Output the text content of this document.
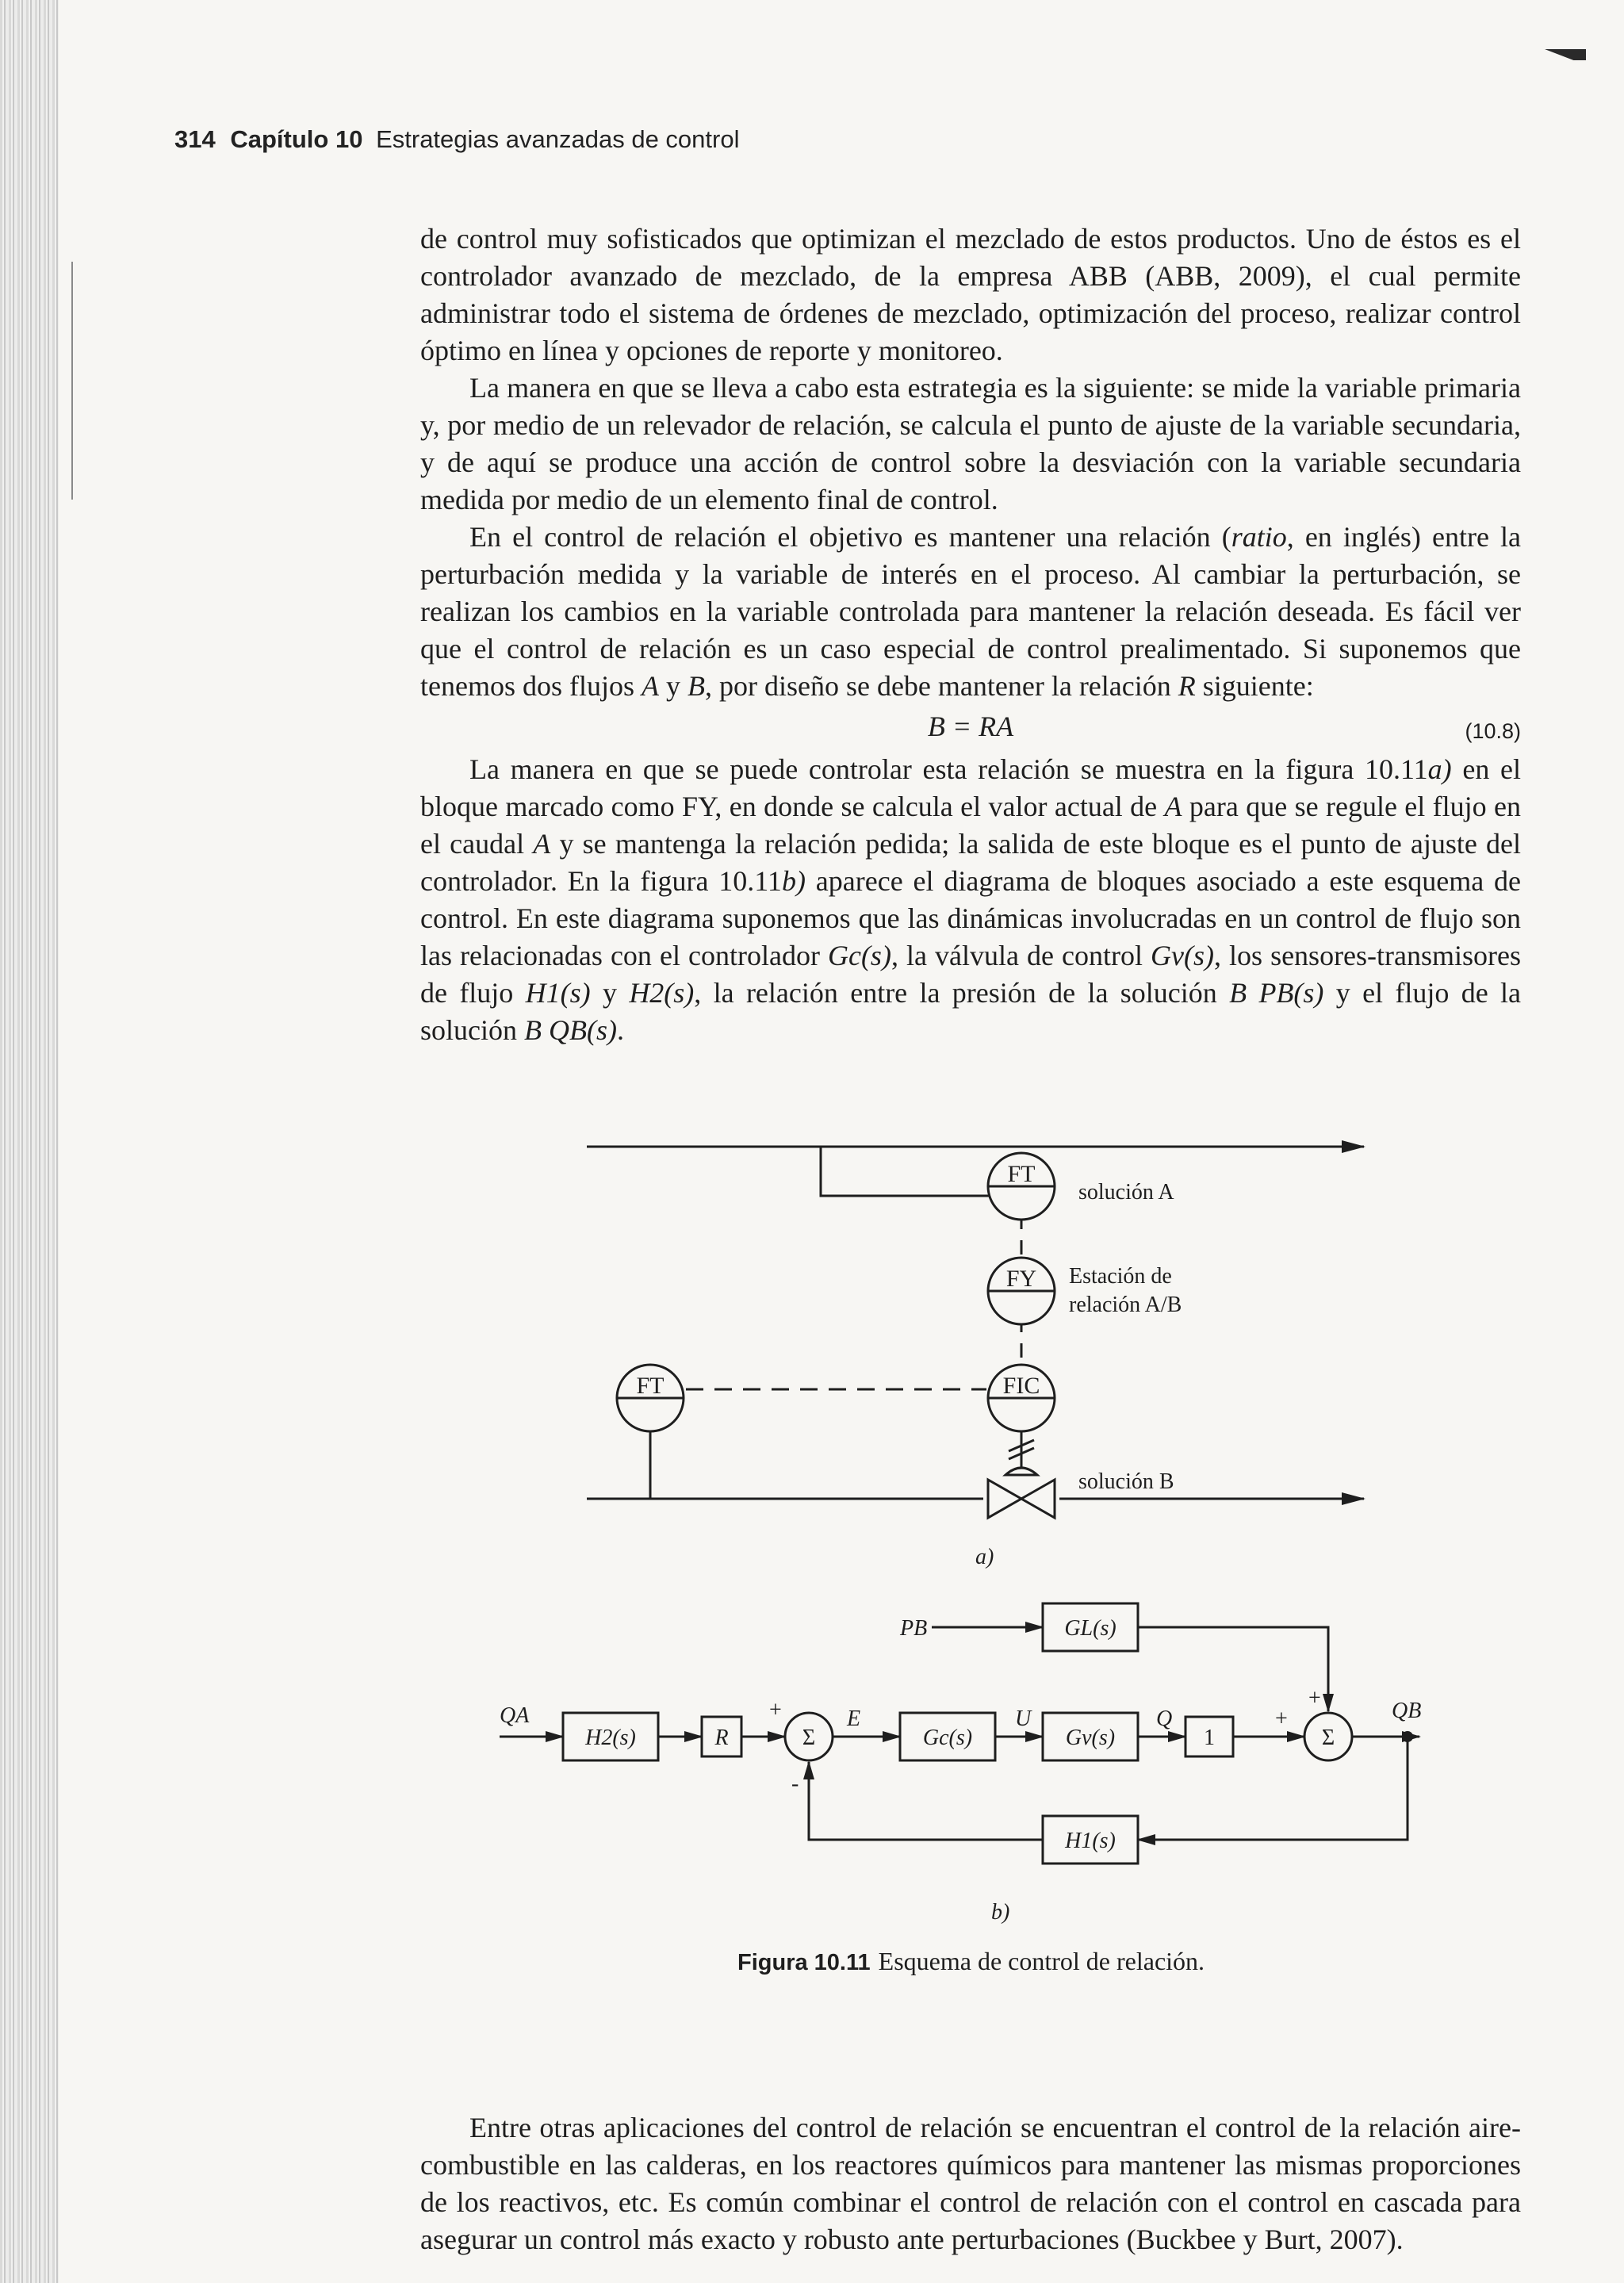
314 Capítulo 10 Estrategias avanzadas de control

de control muy sofisticados que optimizan el mezclado de estos productos. Uno de éstos es el controlador avanzado de mezclado, de la empresa ABB (ABB, 2009), el cual permite administrar todo el sistema de órdenes de mezclado, optimización del proceso, realizar control óptimo en línea y opciones de reporte y monitoreo.

La manera en que se lleva a cabo esta estrategia es la siguiente: se mide la variable primaria y, por medio de un relevador de relación, se calcula el punto de ajuste de la variable secundaria, y de aquí se produce una acción de control sobre la desviación con la variable secundaria medida por medio de un elemento final de control.

En el control de relación el objetivo es mantener una relación (ratio, en inglés) entre la perturbación medida y la variable de interés en el proceso. Al cambiar la perturbación, se realizan los cambios en la variable controlada para mantener la relación deseada. Es fácil ver que el control de relación es un caso especial de control prealimentado. Si suponemos que tenemos dos flujos A y B, por diseño se debe mantener la relación R siguiente:

B = RA	(10.8)

La manera en que se puede controlar esta relación se muestra en la figura 10.11a) en el bloque marcado como FY, en donde se calcula el valor actual de A para que se regule el flujo en el caudal A y se mantenga la relación pedida; la salida de este bloque es el punto de ajuste del controlador. En la figura 10.11b) aparece el diagrama de bloques asociado a este esquema de control. En este diagrama suponemos que las dinámicas involucradas en un control de flujo son las relacionadas con el controlador Gc(s), la válvula de control Gv(s), los sensores-transmisores de flujo H1(s) y H2(s), la relación entre la presión de la solución B PB(s) y el flujo de la solución B QB(s).

FT
FY
FIC
FT
solución A
Estación de
relación A/B
solución B
a)
QA
H2(s)	R
+
Σ
-
E
Gc(s)
U
Gv(s)
Q
1
+
+
Σ
QB
PB	GL(s)
H1(s)
b)
Figura 10.11 Esquema de control de relación.

Entre otras aplicaciones del control de relación se encuentran el control de la relación aire-combustible en las calderas, en los reactores químicos para mantener las mismas proporciones de los reactivos, etc. Es común combinar el control de relación con el control en cascada para asegurar un control más exacto y robusto ante perturbaciones (Buckbee y Burt, 2007).
